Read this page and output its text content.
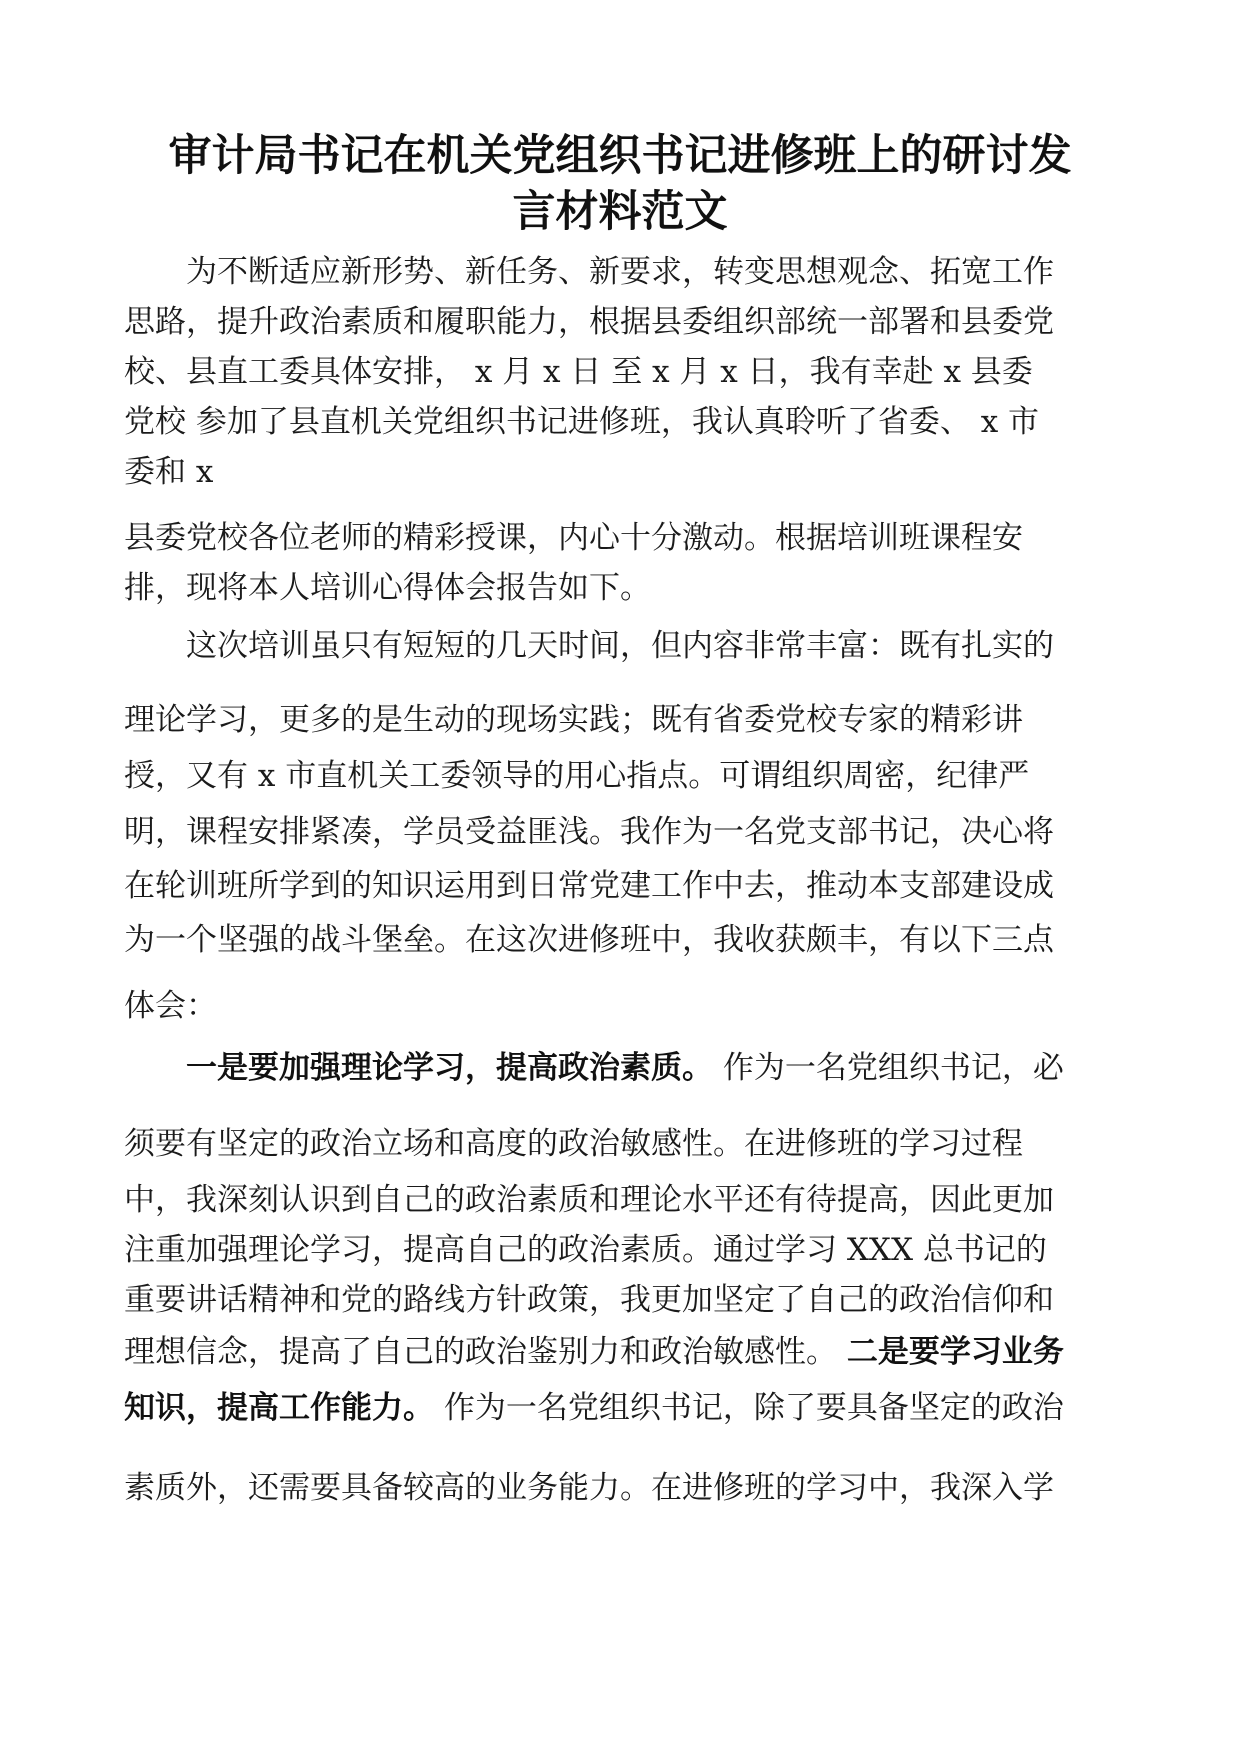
审计局书记在机关党组织书记进修班上的研讨发
言材料范文
为不断适应新形势、新任务、新要求，转变思想观念、拓宽工作
思路，提升政治素质和履职能力，根据县委组织部统一部署和县委党
校、县直工委具体安排， x 月 x 日 至 x 月 x 日，我有幸赴 x 县委
党校 参加了县直机关党组织书记进修班，我认真聆听了省委、 x 市
委和 x
县委党校各位老师的精彩授课，内心十分激动。根据培训班课程安
排，现将本人培训心得体会报告如下。
这次培训虽只有短短的几天时间，但内容非常丰富：既有扎实的
理论学习，更多的是生动的现场实践；既有省委党校专家的精彩讲
授，又有 x 市直机关工委领导的用心指点。可谓组织周密，纪律严
明，课程安排紧凑，学员受益匪浅。我作为一名党支部书记，决心将
在轮训班所学到的知识运用到日常党建工作中去，推动本支部建设成
为一个坚强的战斗堡垒。在这次进修班中，我收获颇丰，有以下三点
体会：
一是要加强理论学习，提高政治素质。 作为一名党组织书记，必
须要有坚定的政治立场和高度的政治敏感性。在进修班的学习过程
中，我深刻认识到自己的政治素质和理论水平还有待提高，因此更加
注重加强理论学习，提高自己的政治素质。通过学习 XXX 总书记的
重要讲话精神和党的路线方针政策，我更加坚定了自己的政治信仰和
理想信念，提高了自己的政治鉴别力和政治敏感性。 二是要学习业务
知识，提高工作能力。 作为一名党组织书记，除了要具备坚定的政治
素质外，还需要具备较高的业务能力。在进修班的学习中，我深入学
